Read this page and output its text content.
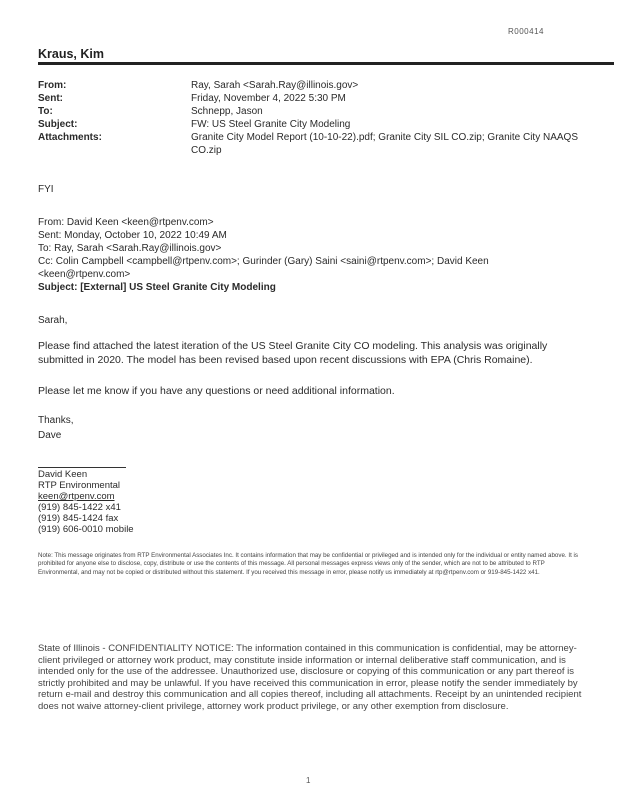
R000414
Kraus, Kim
From:	Ray, Sarah <Sarah.Ray@illinois.gov>
Sent:	Friday, November 4, 2022 5:30 PM
To:	Schnepp, Jason
Subject:	FW: US Steel Granite City Modeling
Attachments:	Granite City Model Report (10-10-22).pdf; Granite City SIL CO.zip; Granite City NAAQS CO.zip
FYI
From: David Keen <keen@rtpenv.com>
Sent: Monday, October 10, 2022 10:49 AM
To: Ray, Sarah <Sarah.Ray@illinois.gov>
Cc: Colin Campbell <campbell@rtpenv.com>; Gurinder (Gary) Saini <saini@rtpenv.com>; David Keen
<keen@rtpenv.com>
Subject: [External] US Steel Granite City Modeling
Sarah,
Please find attached the latest iteration of the US Steel Granite City CO modeling. This analysis was originally submitted in 2020. The model has been revised based upon recent discussions with EPA (Chris Romaine).
Please let me know if you have any questions or need additional information.
Thanks,
Dave
David Keen
RTP Environmental
keen@rtpenv.com
(919) 845-1422 x41
(919) 845-1424 fax
(919) 606-0010 mobile
Note: This message originates from RTP Environmental Associates Inc. It contains information that may be confidential or privileged and is intended only for the individual or entity named above. It is prohibited for anyone else to disclose, copy, distribute or use the contents of this message. All personal messages express views only of the sender, which are not to be attributed to RTP Environmental, and may not be copied or distributed without this statement. If you received this message in error, please notify us immediately at rtp@rtpenv.com or 919-845-1422 x41.
State of Illinois - CONFIDENTIALITY NOTICE: The information contained in this communication is confidential, may be attorney-client privileged or attorney work product, may constitute inside information or internal deliberative staff communication, and is intended only for the use of the addressee. Unauthorized use, disclosure or copying of this communication or any part thereof is strictly prohibited and may be unlawful. If you have received this communication in error, please notify the sender immediately by return e-mail and destroy this communication and all copies thereof, including all attachments. Receipt by an unintended recipient does not waive attorney-client privilege, attorney work product privilege, or any other exemption from disclosure.
1
